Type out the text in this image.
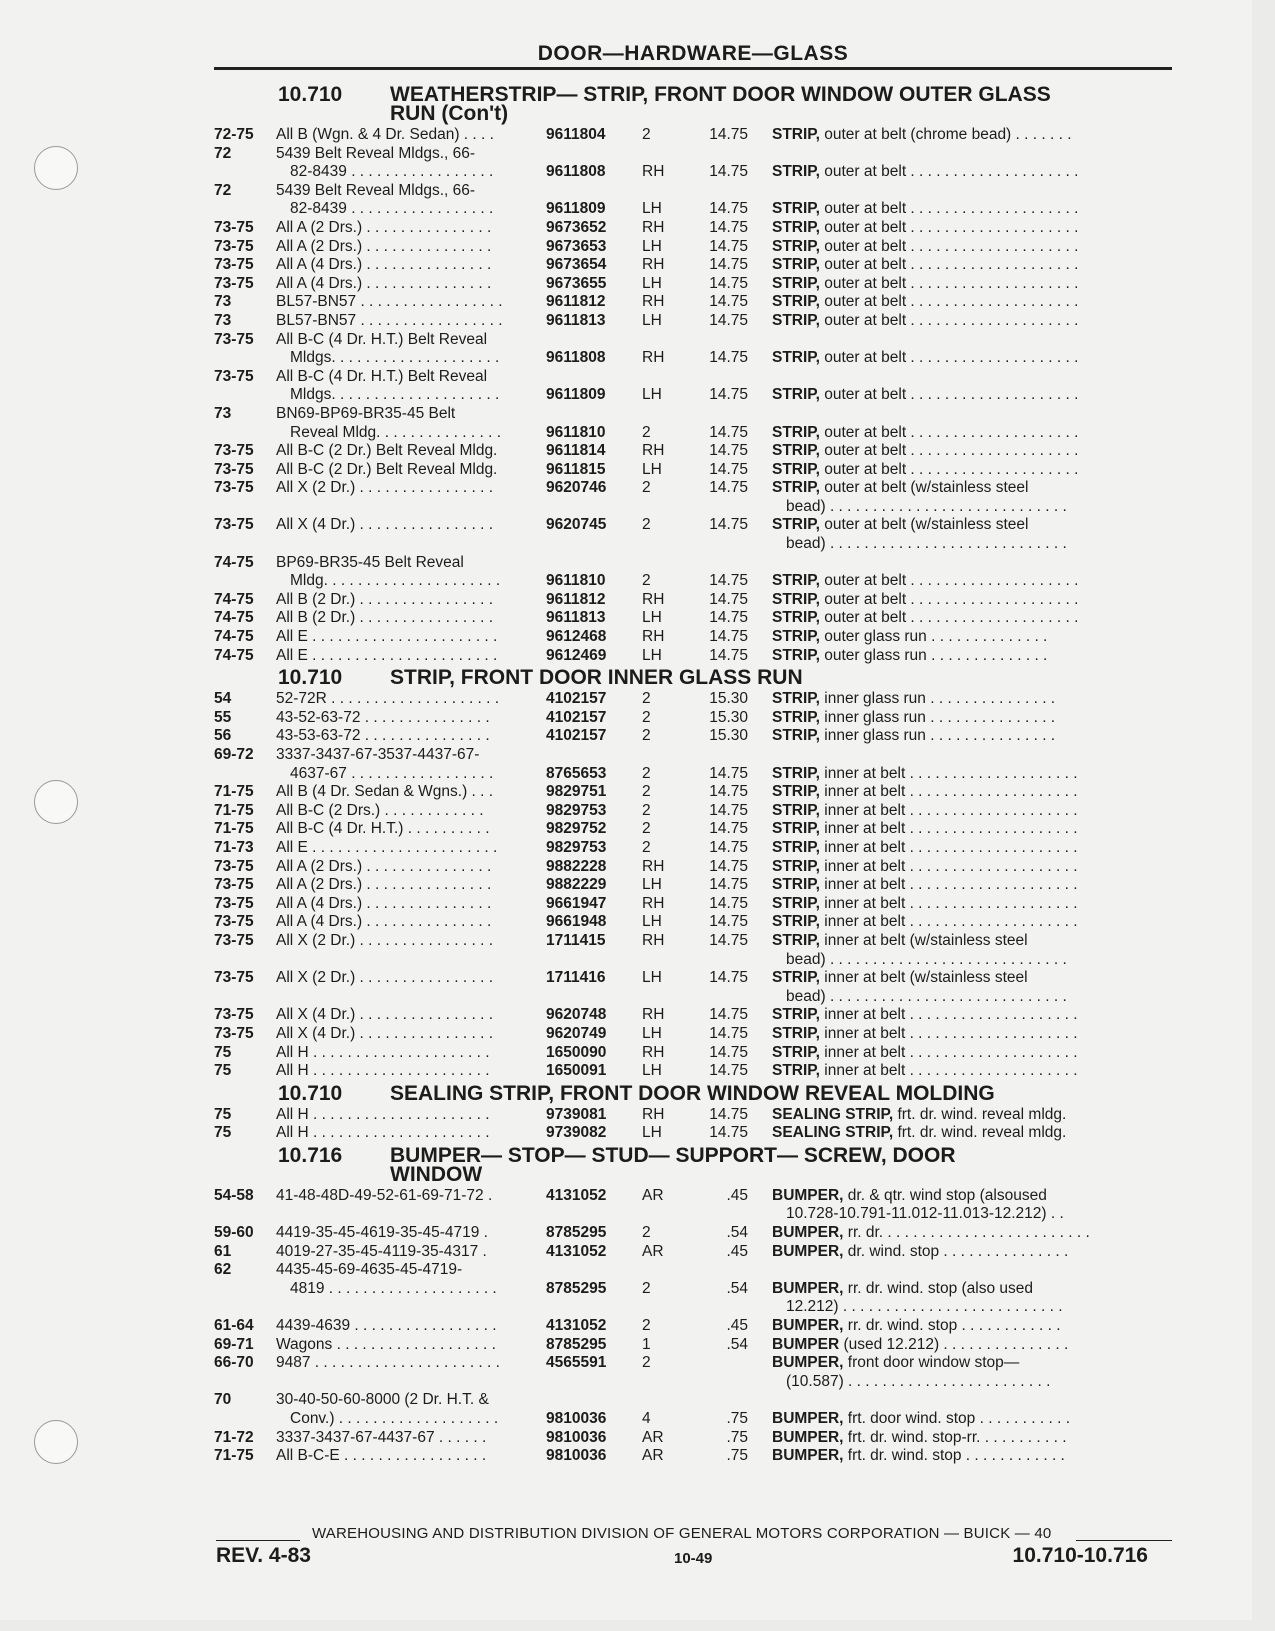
DOOR—HARDWARE—GLASS
10.710 WEATHERSTRIP— STRIP, FRONT DOOR WINDOW OUTER GLASS
RUN (Con't)
72-75	All B (Wgn. & 4 Dr. Sedan) . . . .	9611804	2	14.75 STRIP, outer at belt (chrome bead) . . . . . . .
72	5439 Belt Reveal Mldgs., 66-
82-8439 . . . . . . . . . . . . . . . . .	9611808	RH	14.75 STRIP, outer at belt . . . . . . . . . . . . . . . . . . . .
72	5439 Belt Reveal Mldgs., 66-
82-8439 . . . . . . . . . . . . . . . . .	9611809	LH	14.75 STRIP, outer at belt . . . . . . . . . . . . . . . . . . . .
73-75	All A (2 Drs.) . . . . . . . . . . . . . . .	9673652	RH	14.75 STRIP, outer at belt . . . . . . . . . . . . . . . . . . . .
73-75	All A (2 Drs.) . . . . . . . . . . . . . . .	9673653	LH	14.75 STRIP, outer at belt . . . . . . . . . . . . . . . . . . . .
73-75	All A (4 Drs.) . . . . . . . . . . . . . . .	9673654	RH	14.75 STRIP, outer at belt . . . . . . . . . . . . . . . . . . . .
73-75	All A (4 Drs.) . . . . . . . . . . . . . . .	9673655	LH	14.75 STRIP, outer at belt . . . . . . . . . . . . . . . . . . . .
73	BL57-BN57 . . . . . . . . . . . . . . . . .	9611812	RH	14.75 STRIP, outer at belt . . . . . . . . . . . . . . . . . . . .
73	BL57-BN57 . . . . . . . . . . . . . . . . .	9611813	LH	14.75 STRIP, outer at belt . . . . . . . . . . . . . . . . . . . .
73-75	All B-C (4 Dr. H.T.) Belt Reveal
Mldgs. . . . . . . . . . . . . . . . . . . .	9611808	RH	14.75 STRIP, outer at belt . . . . . . . . . . . . . . . . . . . .
73-75	All B-C (4 Dr. H.T.) Belt Reveal
Mldgs. . . . . . . . . . . . . . . . . . . .	9611809	LH	14.75 STRIP, outer at belt . . . . . . . . . . . . . . . . . . . .
73	BN69-BP69-BR35-45 Belt
Reveal Mldg. . . . . . . . . . . . . . .	9611810	2	14.75 STRIP, outer at belt . . . . . . . . . . . . . . . . . . . .
73-75	All B-C (2 Dr.) Belt Reveal Mldg.	9611814	RH	14.75 STRIP, outer at belt . . . . . . . . . . . . . . . . . . . .
73-75	All B-C (2 Dr.) Belt Reveal Mldg.	9611815	LH	14.75 STRIP, outer at belt . . . . . . . . . . . . . . . . . . . .
73-75	All X (2 Dr.) . . . . . . . . . . . . . . . .	9620746	2	14.75 STRIP, outer at belt (w/stainless steel
bead) . . . . . . . . . . . . . . . . . . . . . . . . . . . .
73-75	All X (4 Dr.) . . . . . . . . . . . . . . . .	9620745	2	14.75 STRIP, outer at belt (w/stainless steel
bead) . . . . . . . . . . . . . . . . . . . . . . . . . . . .
74-75	BP69-BR35-45 Belt Reveal
Mldg. . . . . . . . . . . . . . . . . . . . .	9611810	2	14.75 STRIP, outer at belt . . . . . . . . . . . . . . . . . . . .
74-75	All B (2 Dr.) . . . . . . . . . . . . . . . .	9611812	RH	14.75 STRIP, outer at belt . . . . . . . . . . . . . . . . . . . .
74-75	All B (2 Dr.) . . . . . . . . . . . . . . . .	9611813	LH	14.75 STRIP, outer at belt . . . . . . . . . . . . . . . . . . . .
74-75	All E . . . . . . . . . . . . . . . . . . . . . .	9612468	RH	14.75 STRIP, outer glass run . . . . . . . . . . . . . .
74-75	All E . . . . . . . . . . . . . . . . . . . . . .	9612469	LH	14.75 STRIP, outer glass run . . . . . . . . . . . . . .
10.710 STRIP, FRONT DOOR INNER GLASS RUN
54	52-72R . . . . . . . . . . . . . . . . . . . .	4102157	2	15.30 STRIP, inner glass run . . . . . . . . . . . . . . .
55	43-52-63-72 . . . . . . . . . . . . . . .	4102157	2	15.30 STRIP, inner glass run . . . . . . . . . . . . . . .
56	43-53-63-72 . . . . . . . . . . . . . . .	4102157	2	15.30 STRIP, inner glass run . . . . . . . . . . . . . . .
69-72	3337-3437-67-3537-4437-67-
4637-67 . . . . . . . . . . . . . . . . .	8765653	2	14.75 STRIP, inner at belt . . . . . . . . . . . . . . . . . . . .
71-75	All B (4 Dr. Sedan & Wgns.) . . .	9829751	2	14.75 STRIP, inner at belt . . . . . . . . . . . . . . . . . . . .
71-75	All B-C (2 Drs.) . . . . . . . . . . . .	9829753	2	14.75 STRIP, inner at belt . . . . . . . . . . . . . . . . . . . .
71-75	All B-C (4 Dr. H.T.) . . . . . . . . . .	9829752	2	14.75 STRIP, inner at belt . . . . . . . . . . . . . . . . . . . .
71-73	All E . . . . . . . . . . . . . . . . . . . . . .	9829753	2	14.75 STRIP, inner at belt . . . . . . . . . . . . . . . . . . . .
73-75	All A (2 Drs.) . . . . . . . . . . . . . . .	9882228	RH	14.75 STRIP, inner at belt . . . . . . . . . . . . . . . . . . . .
73-75	All A (2 Drs.) . . . . . . . . . . . . . . .	9882229	LH	14.75 STRIP, inner at belt . . . . . . . . . . . . . . . . . . . .
73-75	All A (4 Drs.) . . . . . . . . . . . . . . .	9661947	RH	14.75 STRIP, inner at belt . . . . . . . . . . . . . . . . . . . .
73-75	All A (4 Drs.) . . . . . . . . . . . . . . .	9661948	LH	14.75 STRIP, inner at belt . . . . . . . . . . . . . . . . . . . .
73-75	All X (2 Dr.) . . . . . . . . . . . . . . . .	1711415	RH	14.75 STRIP, inner at belt (w/stainless steel
bead) . . . . . . . . . . . . . . . . . . . . . . . . . . . .
73-75	All X (2 Dr.) . . . . . . . . . . . . . . . .	1711416	LH	14.75 STRIP, inner at belt (w/stainless steel
bead) . . . . . . . . . . . . . . . . . . . . . . . . . . . .
73-75	All X (4 Dr.) . . . . . . . . . . . . . . . .	9620748	RH	14.75 STRIP, inner at belt . . . . . . . . . . . . . . . . . . . .
73-75	All X (4 Dr.) . . . . . . . . . . . . . . . .	9620749	LH	14.75 STRIP, inner at belt . . . . . . . . . . . . . . . . . . . .
75	All H . . . . . . . . . . . . . . . . . . . . .	1650090	RH	14.75 STRIP, inner at belt . . . . . . . . . . . . . . . . . . . .
75	All H . . . . . . . . . . . . . . . . . . . . .	1650091	LH	14.75 STRIP, inner at belt . . . . . . . . . . . . . . . . . . . .
10.710 SEALING STRIP, FRONT DOOR WINDOW REVEAL MOLDING
75	All H . . . . . . . . . . . . . . . . . . . . .	9739081	RH	14.75 SEALING STRIP, frt. dr. wind. reveal mldg.
75	All H . . . . . . . . . . . . . . . . . . . . .	9739082	LH	14.75 SEALING STRIP, frt. dr. wind. reveal mldg.
10.716 BUMPER— STOP— STUD— SUPPORT— SCREW, DOOR
WINDOW
54-58	41-48-48D-49-52-61-69-71-72 .	4131052	AR	.45 BUMPER, dr. & qtr. wind stop (alsoused
10.728-10.791-11.012-11.013-12.212) . .
59-60	4419-35-45-4619-35-45-4719 .	8785295	2	.54 BUMPER, rr. dr. . . . . . . . . . . . . . . . . . . . . . . . .
61	4019-27-35-45-4119-35-4317 .	4131052	AR	.45 BUMPER, dr. wind. stop . . . . . . . . . . . . . . .
62	4435-45-69-4635-45-4719-
4819 . . . . . . . . . . . . . . . . . . . .	8785295	2	.54 BUMPER, rr. dr. wind. stop (also used
12.212) . . . . . . . . . . . . . . . . . . . . . . . . . .
61-64	4439-4639 . . . . . . . . . . . . . . . . .	4131052	2	.45 BUMPER, rr. dr. wind. stop . . . . . . . . . . . .
69-71	Wagons . . . . . . . . . . . . . . . . . . .	8785295	1	.54 BUMPER (used 12.212) . . . . . . . . . . . . . . .
66-70	9487 . . . . . . . . . . . . . . . . . . . . . .	4565591	2	BUMPER, front door window stop—
(10.587) . . . . . . . . . . . . . . . . . . . . . . . .
70	30-40-50-60-8000 (2 Dr. H.T. &
Conv.) . . . . . . . . . . . . . . . . . . .	9810036	4	.75 BUMPER, frt. door wind. stop . . . . . . . . . . .
71-72	3337-3437-67-4437-67 . . . . . .	9810036	AR	.75 BUMPER, frt. dr. wind. stop-rr. . . . . . . . . . .
71-75	All B-C-E . . . . . . . . . . . . . . . . .	9810036	AR	.75 BUMPER, frt. dr. wind. stop . . . . . . . . . . . .
WAREHOUSING AND DISTRIBUTION DIVISION OF GENERAL MOTORS CORPORATION — BUICK — 40
REV. 4-83	10-49	10.710-10.716
